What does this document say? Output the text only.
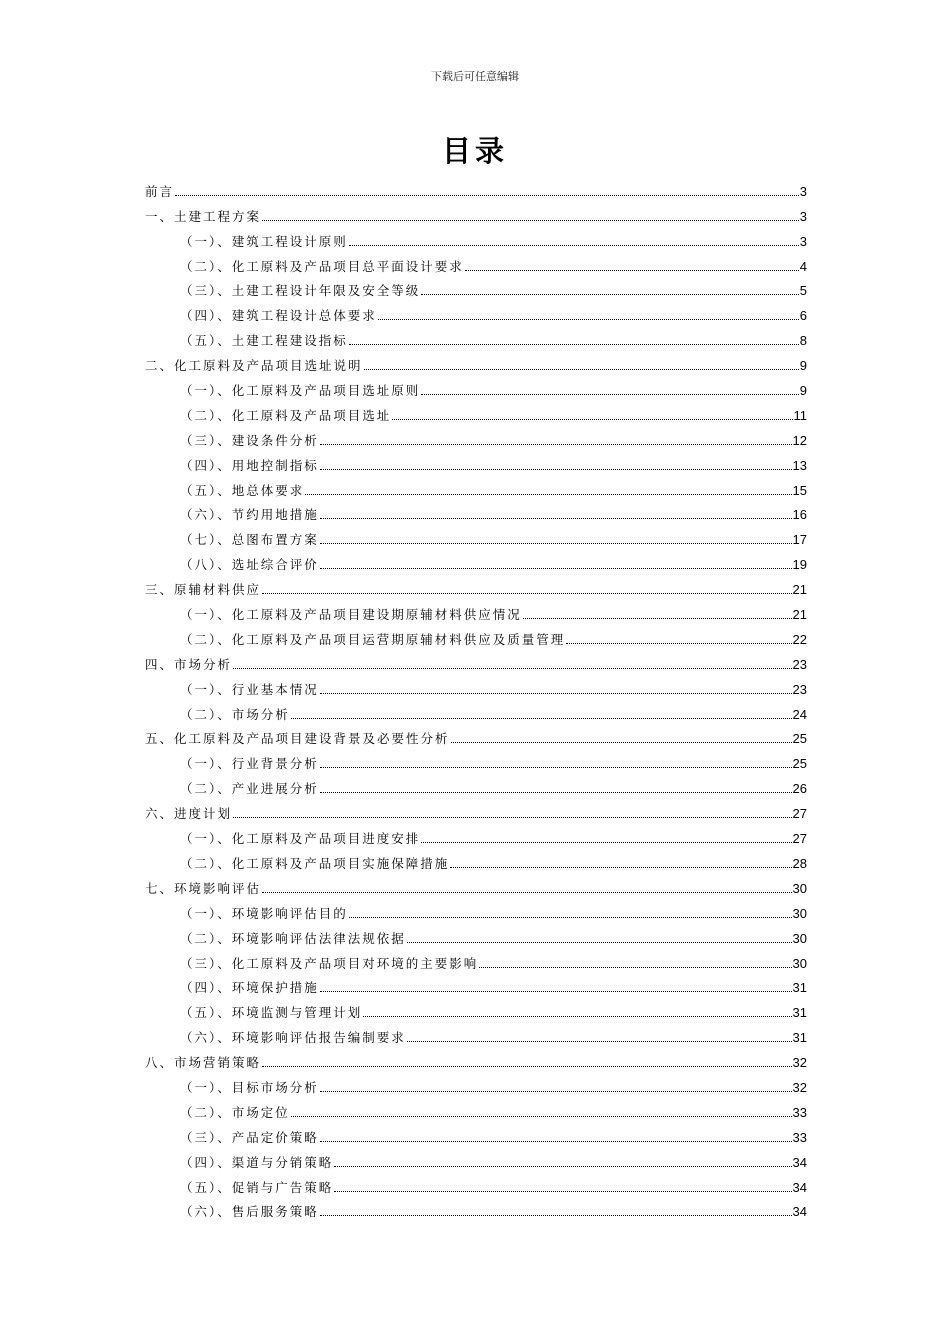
下载后可任意编辑
目录
前言	3
一、土建工程方案	3
（一）、建筑工程设计原则	3
（二）、化工原料及产品项目总平面设计要求	4
（三）、土建工程设计年限及安全等级	5
（四）、建筑工程设计总体要求	6
（五）、土建工程建设指标	8
二、化工原料及产品项目选址说明	9
（一）、化工原料及产品项目选址原则	9
（二）、化工原料及产品项目选址	11
（三）、建设条件分析	12
（四）、用地控制指标	13
（五）、地总体要求	15
（六）、节约用地措施	16
（七）、总图布置方案	17
（八）、选址综合评价	19
三、原辅材料供应	21
（一）、化工原料及产品项目建设期原辅材料供应情况	21
（二）、化工原料及产品项目运营期原辅材料供应及质量管理	22
四、市场分析	23
（一）、行业基本情况	23
（二）、市场分析	24
五、化工原料及产品项目建设背景及必要性分析	25
（一）、行业背景分析	25
（二）、产业进展分析	26
六、进度计划	27
（一）、化工原料及产品项目进度安排	27
（二）、化工原料及产品项目实施保障措施	28
七、环境影响评估	30
（一）、环境影响评估目的	30
（二）、环境影响评估法律法规依据	30
（三）、化工原料及产品项目对环境的主要影响	30
（四）、环境保护措施	31
（五）、环境监测与管理计划	31
（六）、环境影响评估报告编制要求	31
八、市场营销策略	32
（一）、目标市场分析	32
（二）、市场定位	33
（三）、产品定价策略	33
（四）、渠道与分销策略	34
（五）、促销与广告策略	34
（六）、售后服务策略	34
